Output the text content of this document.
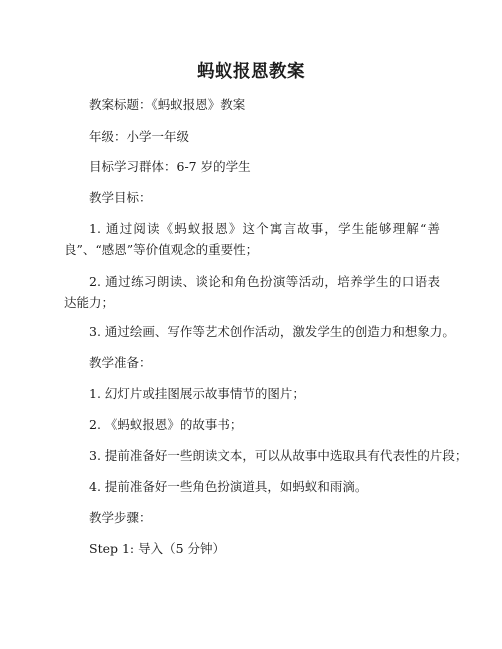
蚂蚁报恩教案
教案标题：《蚂蚁报恩》教案
年级：小学一年级
目标学习群体：6-7 岁的学生
教学目标：
1. 通过阅读《蚂蚁报恩》这个寓言故事，学生能够理解“善良”、“感恩”等价值观念的重要性；
2. 通过练习朗读、谈论和角色扮演等活动，培养学生的口语表达能力；
3. 通过绘画、写作等艺术创作活动，激发学生的创造力和想象力。
教学准备：
1. 幻灯片或挂图展示故事情节的图片；
2. 《蚂蚁报恩》的故事书；
3. 提前准备好一些朗读文本，可以从故事中选取具有代表性的片段；
4. 提前准备好一些角色扮演道具，如蚂蚁和雨滴。
教学步骤：
Step 1: 导入（5 分钟）
